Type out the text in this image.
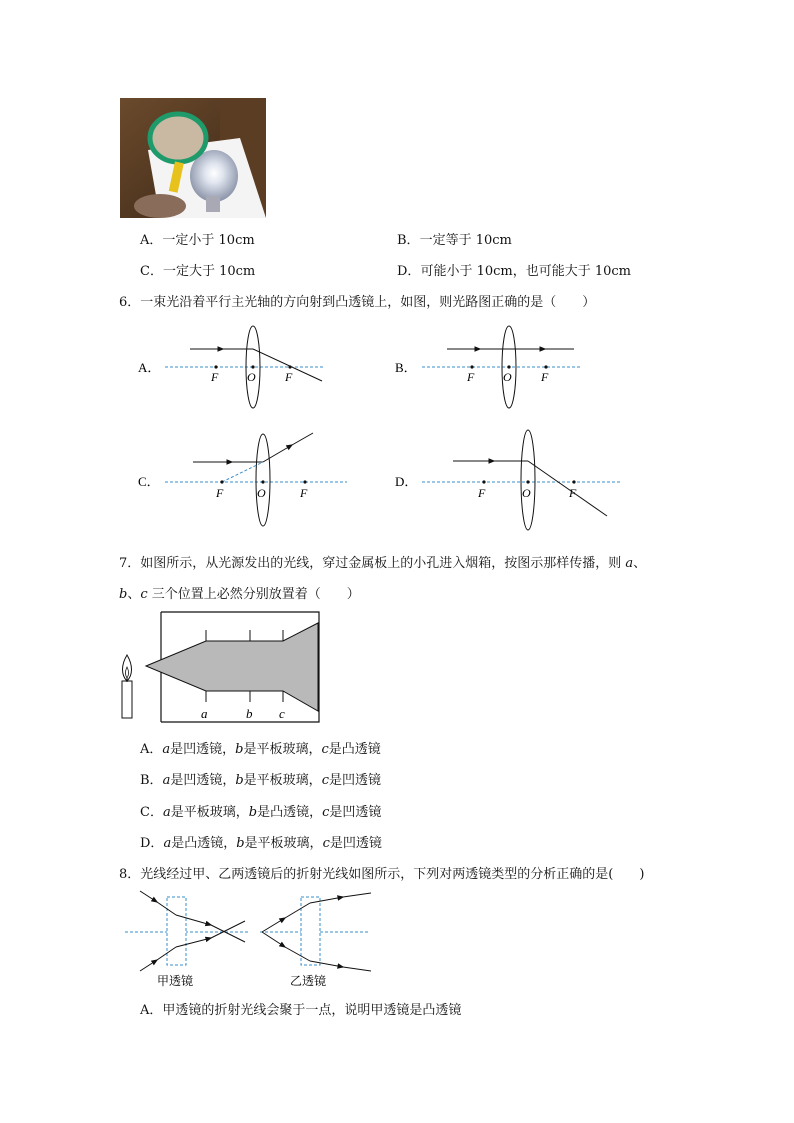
A．一定小于 10cm	B．一定等于 10cm
C．一定大于 10cm	D．可能小于 10cm，也可能大于 10cm
6．一束光沿着平行主光轴的方向射到凸透镜上，如图，则光路图正确的是（　　）
A．
F O F
B．
F O F
C．
F	O	F
D．
F	O	F
7．如图所示，从光源发出的光线，穿过金属板上的小孔进入烟箱，按图示那样传播，则 a、
b、c 三个位置上必然分别放置着（　　）
a	b c
A．a是凹透镜，b是平板玻璃，c是凸透镜
B．a是凹透镜，b是平板玻璃，c是凹透镜
C．a是平板玻璃，b是凸透镜，c是凹透镜
D．a是凸透镜，b是平板玻璃，c是凹透镜
8．光线经过甲、乙两透镜后的折射光线如图所示，下列对两透镜类型的分析正确的是(　　)
甲透镜	乙透镜
A．甲透镜的折射光线会聚于一点，说明甲透镜是凸透镜
